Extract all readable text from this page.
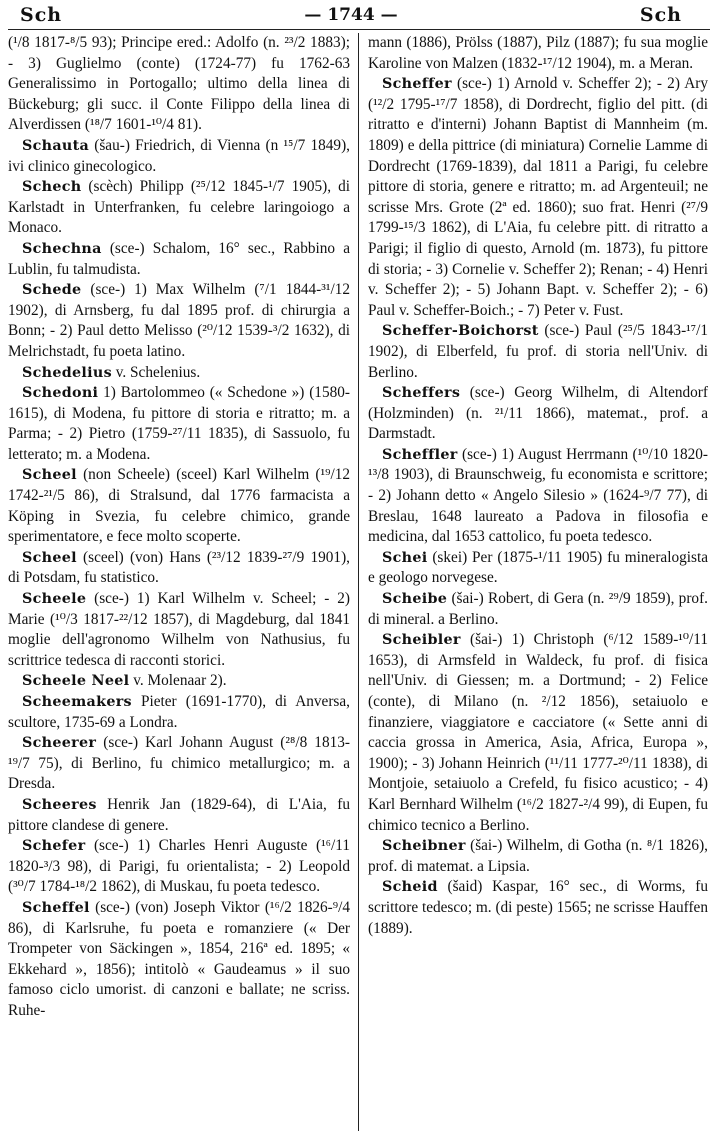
Sch	— 1744 —	Sch

(¹/8 1817-⁸/5 93); Principe ered.: Adolfo (n. ²³/2 1883); - 3) Guglielmo (conte) (1724-77) fu 1762-63 Generalissimo in Portogallo; ultimo della linea di Bückeburg; gli succ. il Conte Filippo della linea di Alverdissen (¹⁸/7 1601-¹⁰/4 81).

Schauta (šau-) Friedrich, di Vienna (n ¹⁵/7 1849), ivi clinico ginecologico.

Schech (scèch) Philipp (²⁵/12 1845-¹/7 1905), di Karlstadt in Unterfranken, fu celebre laringoiogo a Monaco.

Schechna (sce-) Schalom, 16° sec., Rabbino a Lublin, fu talmudista.

Schede (sce-) 1) Max Wilhelm (⁷/1 1844-³¹/12 1902), di Arnsberg, fu dal 1895 prof. di chirurgia a Bonn; - 2) Paul detto Melisso (²⁰/12 1539-³/2 1632), di Melrichstadt, fu poeta latino.

Schedelius v. Schelenius.

Schedoni 1) Bartolommeo (« Schedone ») (1580-1615), di Modena, fu pittore di storia e ritratto; m. a Parma; - 2) Pietro (1759-²⁷/11 1835), di Sassuolo, fu letterato; m. a Modena.

Scheel (non Scheele) (sceel) Karl Wilhelm (¹⁹/12 1742-²¹/5 86), di Stralsund, dal 1776 farmacista a Köping in Svezia, fu celebre chimico, grande sperimentatore, e fece molto scoperte.

Scheel (sceel) (von) Hans (²³/12 1839-²⁷/9 1901), di Potsdam, fu statistico.

Scheele (sce-) 1) Karl Wilhelm v. Scheel; - 2) Marie (¹⁰/3 1817-²²/12 1857), di Magdeburg, dal 1841 moglie dell'agronomo Wilhelm von Nathusius, fu scrittrice tedesca di racconti storici.

Scheele Neel v. Molenaar 2).

Scheemakers Pieter (1691-1770), di Anversa, scultore, 1735-69 a Londra.

Scheerer (sce-) Karl Johann August (²⁸/8 1813-¹⁹/7 75), di Berlino, fu chimico metallurgico; m. a Dresda.

Scheeres Henrik Jan (1829-64), di L'Aia, fu pittore clandese di genere.

Schefer (sce-) 1) Charles Henri Auguste (¹⁶/11 1820-³/3 98), di Parigi, fu orientalista; - 2) Leopold (³⁰/7 1784-¹⁸/2 1862), di Muskau, fu poeta tedesco.

Scheffel (sce-) (von) Joseph Viktor (¹⁶/2 1826-⁹/4 86), di Karlsruhe, fu poeta e romanziere (« Der Trompeter von Säckingen », 1854, 216ª ed. 1895; « Ekkehard », 1856); intitolò « Gaudeamus » il suo famoso ciclo umorist. di canzoni e ballate; ne scriss. Ruhe-

mann (1886), Prölss (1887), Pilz (1887); fu sua moglie Karoline von Malzen (1832-¹⁷/12 1904), m. a Meran.

Scheffer (sce-) 1) Arnold v. Scheffer 2); - 2) Ary (¹²/2 1795-¹⁷/7 1858), di Dordrecht, figlio del pitt. (di ritratto e d'interni) Johann Baptist di Mannheim (m. 1809) e della pittrice (di miniatura) Cornelie Lamme di Dordrecht (1769-1839), dal 1811 a Parigi, fu celebre pittore di storia, genere e ritratto; m. ad Argenteuil; ne scrisse Mrs. Grote (2ª ed. 1860); suo frat. Henri (²⁷/9 1799-¹⁵/3 1862), di L'Aia, fu celebre pitt. di ritratto a Parigi; il figlio di questo, Arnold (m. 1873), fu pittore di storia; - 3) Cornelie v. Scheffer 2); Renan; - 4) Henri v. Scheffer 2); - 5) Johann Bapt. v. Scheffer 2); - 6) Paul v. Scheffer-Boich.; - 7) Peter v. Fust.

Scheffer-Boichorst (sce-) Paul (²⁵/5 1843-¹⁷/1 1902), di Elberfeld, fu prof. di storia nell'Univ. di Berlino.

Scheffers (sce-) Georg Wilhelm, di Altendorf (Holzminden) (n. ²¹/11 1866), matemat., prof. a Darmstadt.

Scheffler (sce-) 1) August Herrmann (¹⁰/10 1820-¹³/8 1903), di Braunschweig, fu economista e scrittore; - 2) Johann detto « Angelo Silesio » (1624-⁹/7 77), di Breslau, 1648 laureato a Padova in filosofia e medicina, dal 1653 cattolico, fu poeta tedesco.

Schei (skei) Per (1875-¹/11 1905) fu mineralogista e geologo norvegese.

Scheibe (šai-) Robert, di Gera (n. ²⁹/9 1859), prof. di mineral. a Berlino.

Scheibler (šai-) 1) Christoph (⁶/12 1589-¹⁰/11 1653), di Armsfeld in Waldeck, fu prof. di fisica nell'Univ. di Giessen; m. a Dortmund; - 2) Felice (conte), di Milano (n. ²/12 1856), setaiuolo e finanziere, viaggiatore e cacciatore (« Sette anni di caccia grossa in America, Asia, Africa, Europa », 1900); - 3) Johann Heinrich (¹¹/11 1777-²⁰/11 1838), di Montjoie, setaiuolo a Crefeld, fu fisico acustico; - 4) Karl Bernhard Wilhelm (¹⁶/2 1827-²/4 99), di Eupen, fu chimico tecnico a Berlino.

Scheibner (šai-) Wilhelm, di Gotha (n. ⁸/1 1826), prof. di matemat. a Lipsia.

Scheid (šaid) Kaspar, 16° sec., di Worms, fu scrittore tedesco; m. (di peste) 1565; ne scrisse Hauffen (1889).
